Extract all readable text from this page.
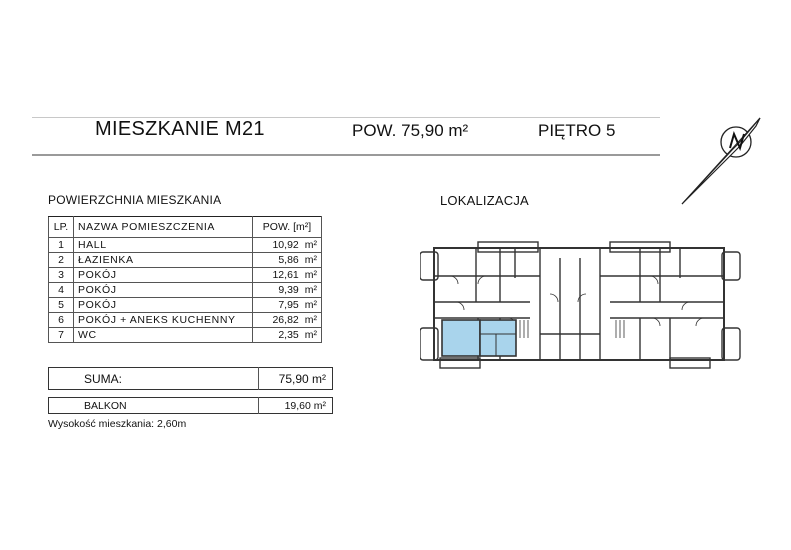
MIESZKANIE M21	POW. 75,90 m²	PIĘTRO 5
POWIERZCHNIA MIESZKANIA	LOKALIZACJA
LP.	NAZWA POMIESZCZENIA	POW. [m²]
1	HALL	10,92 m²
2	ŁAZIENKA	5,86 m²
3	POKÓJ	12,61 m²
4	POKÓJ	9,39 m²
5	POKÓJ	7,95 m²
6	POKÓJ + ANEKS KUCHENNY	26,82 m²
7	WC	2,35 m²
SUMA:	75,90 m²
BALKON	19,60 m²
Wysokość mieszkania: 2,60m
